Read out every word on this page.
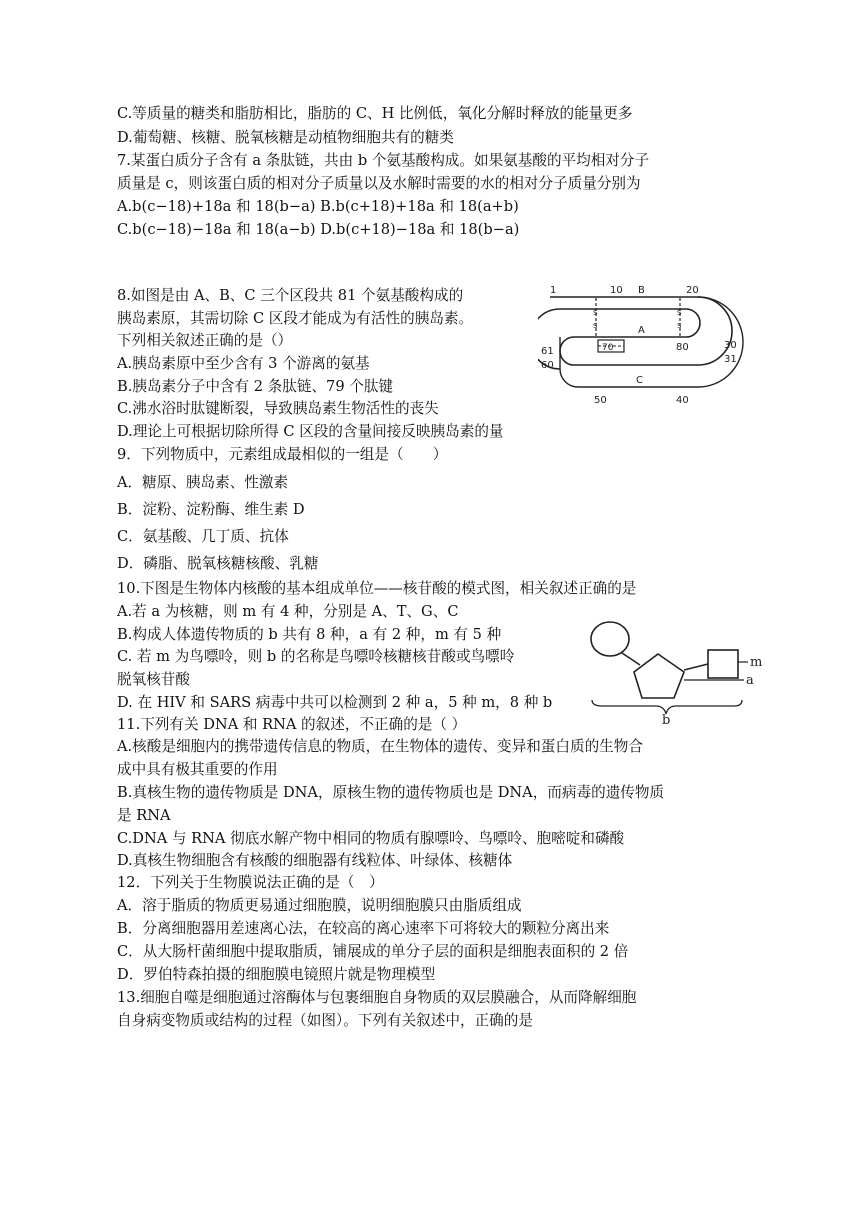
C.等质量的糖类和脂肪相比，脂肪的 C、H 比例低，氧化分解时释放的能量更多
D.葡萄糖、核糖、脱氧核糖是动植物细胞共有的糖类
7.某蛋白质分子含有 a 条肽链，共由 b 个氨基酸构成。如果氨基酸的平均相对分子
质量是 c，则该蛋白质的相对分子质量以及水解时需要的水的相对分子质量分别为
A.b(c−18)+18a 和 18(b−a) B.b(c+18)+18a 和 18(a+b)
C.b(c−18)−18a 和 18(a−b) D.b(c+18)−18a 和 18(b−a)
8.如图是由 A、B、C 三个区段共 81 个氨基酸构成的
胰岛素原，其需切除 C 区段才能成为有活性的胰岛素。
下列相关叙述正确的是（）
A.胰岛素原中至少含有 3 个游离的氨基
B.胰岛素分子中含有 2 条肽链、79 个肽键
C.沸水浴时肽键断裂，导致胰岛素生物活性的丧失
D.理论上可根据切除所得 C 区段的含量间接反映胰岛素的量
9．下列物质中，元素组成最相似的一组是（　　）
A．糖原、胰岛素、性激素
B．淀粉、淀粉酶、维生素 D
C．氨基酸、几丁质、抗体
D．磷脂、脱氧核糖核酸、乳糖
10.下图是生物体内核酸的基本组成单位——核苷酸的模式图，相关叙述正确的是
A.若 a 为核糖，则 m 有 4 种，分别是 A、T、G、C
B.构成人体遗传物质的 b 共有 8 种，a 有 2 种，m 有 5 种
C. 若 m 为鸟嘌呤，则 b 的名称是鸟嘌呤核糖核苷酸或鸟嘌呤
脱氧核苷酸
D. 在 HIV 和 SARS 病毒中共可以检测到 2 种 a，5 种 m，8 种 b
11.下列有关 DNA 和 RNA 的叙述，不正确的是（ ）
A.核酸是细胞内的携带遗传信息的物质，在生物体的遗传、变异和蛋白质的生物合
成中具有极其重要的作用
B.真核生物的遗传物质是 DNA，原核生物的遗传物质也是 DNA，而病毒的遗传物质
是 RNA
C.DNA 与 RNA 彻底水解产物中相同的物质有腺嘌呤、鸟嘌呤、胞嘧啶和磷酸
D.真核生物细胞含有核酸的细胞器有线粒体、叶绿体、核糖体
12．下列关于生物膜说法正确的是（　）
A．溶于脂质的物质更易通过细胞膜，说明细胞膜只由脂质组成
B．分离细胞器用差速离心法，在较高的离心速率下可将较大的颗粒分离出来
C．从大肠杆菌细胞中提取脂质，铺展成的单分子层的面积是细胞表面积的 2 倍
D．罗伯特森拍摄的细胞膜电镜照片就是物理模型
13.细胞自噬是细胞通过溶酶体与包裹细胞自身物质的双层膜融合，从而降解细胞
自身病变物质或结构的过程（如图）。下列有关叙述中，正确的是
1	10 B	20
S
S
S
S
A
70	80	30
31
61
60
C
50	40
m
a
b
